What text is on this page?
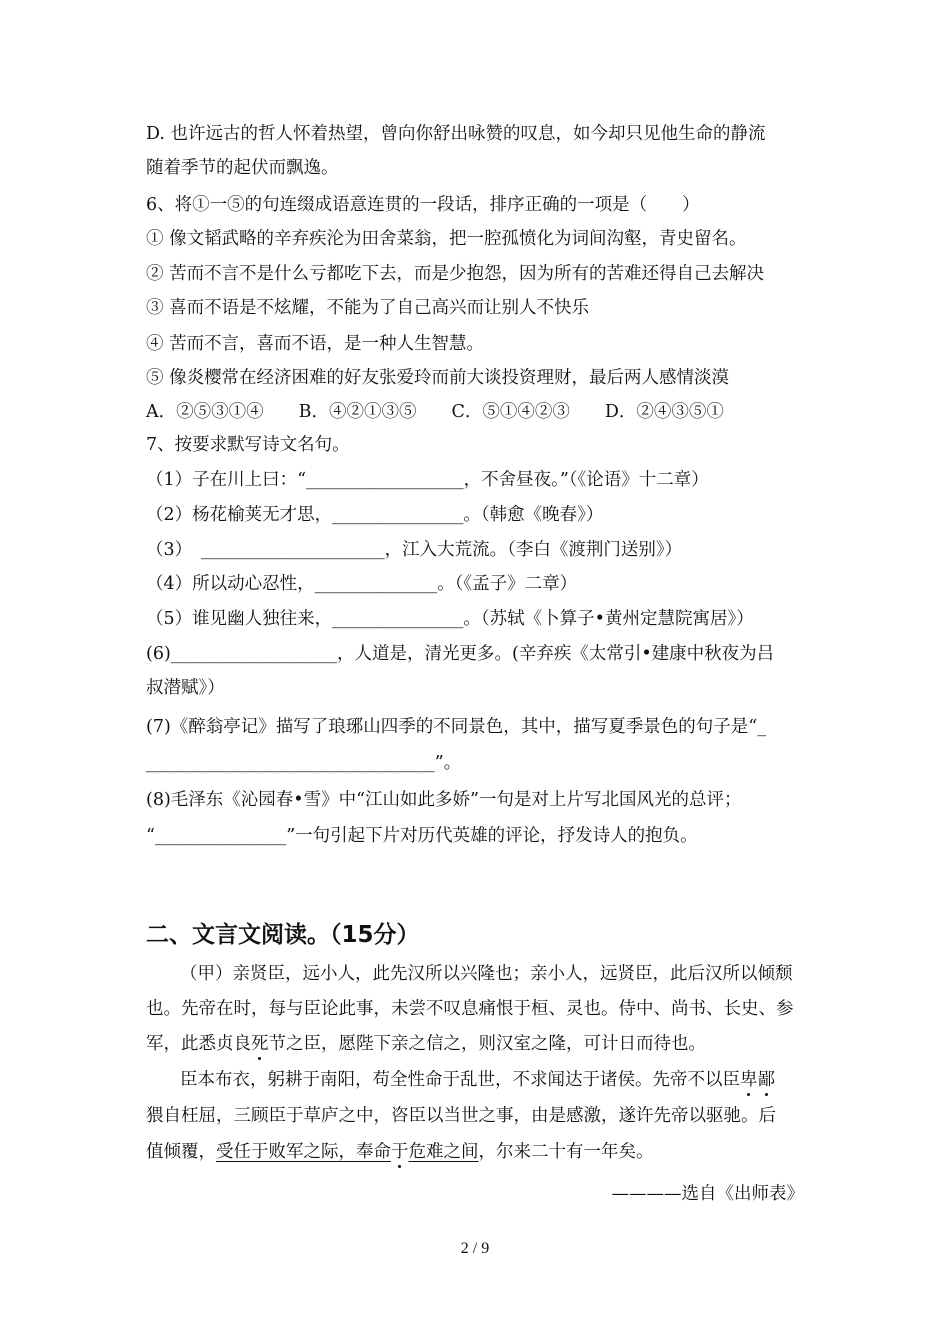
D. 也许远古的哲人怀着热望，曾向你舒出咏赞的叹息，如今却只见他生命的静流
随着季节的起伏而飘逸。
6、将①一⑤的句连缀成语意连贯的一段话，排序正确的一项是（　　）
① 像文韬武略的辛弃疾沦为田舍菜翁，把一腔孤愤化为词间沟壑，青史留名。
② 苦而不言不是什么亏都吃下去，而是少抱怨，因为所有的苦难还得自己去解决
③ 喜而不语是不炫耀，不能为了自己高兴而让别人不快乐
④ 苦而不言，喜而不语，是一种人生智慧。
⑤ 像炎樱常在经济困难的好友张爱玲而前大谈投资理财，最后两人感情淡漠
A．②⑤③①④　　B．④②①③⑤　　C．⑤①④②③　　D．②④③⑤①
7、按要求默写诗文名句。
（1）子在川上曰：“__________________，不舍昼夜。”（《论语》十二章）
（2）杨花榆荚无才思，_______________。（韩愈《晚春》）
（3）　_____________________，江入大荒流。（李白《渡荆门送别》）
（4）所以动心忍性，______________。（《孟子》二章）
（5）谁见幽人独往来，_______________。（苏轼《卜算子•黄州定慧院寓居》）
(6)___________________，人道是，清光更多。(辛弃疾《太常引•建康中秋夜为吕
叔潜赋》）
(7)《醉翁亭记》描写了琅琊山四季的不同景色，其中，描写夏季景色的句子是“_
_________________________________”。
(8)毛泽东《沁园春•雪》中“江山如此多娇”一句是对上片写北国风光的总评；
“_______________”一句引起下片对历代英雄的评论，抒发诗人的抱负。
二、文言文阅读。（15分）
（甲）亲贤臣，远小人，此先汉所以兴隆也；亲小人，远贤臣，此后汉所以倾颓
也。先帝在时，每与臣论此事，未尝不叹息痛恨于桓、灵也。侍中、尚书、长史、参
军，此悉贞良死节之臣，愿陛下亲之信之，则汉室之隆，可计日而待也。
臣本布衣，躬耕于南阳，苟全性命于乱世，不求闻达于诸侯。先帝不以臣卑鄙
猥自枉屈，三顾臣于草庐之中，咨臣以当世之事，由是感激，遂许先帝以驱驰。后
值倾覆，受任于败军之际，奉命于危难之间，尔来二十有一年矣。
————选自《出师表》
2 / 9
